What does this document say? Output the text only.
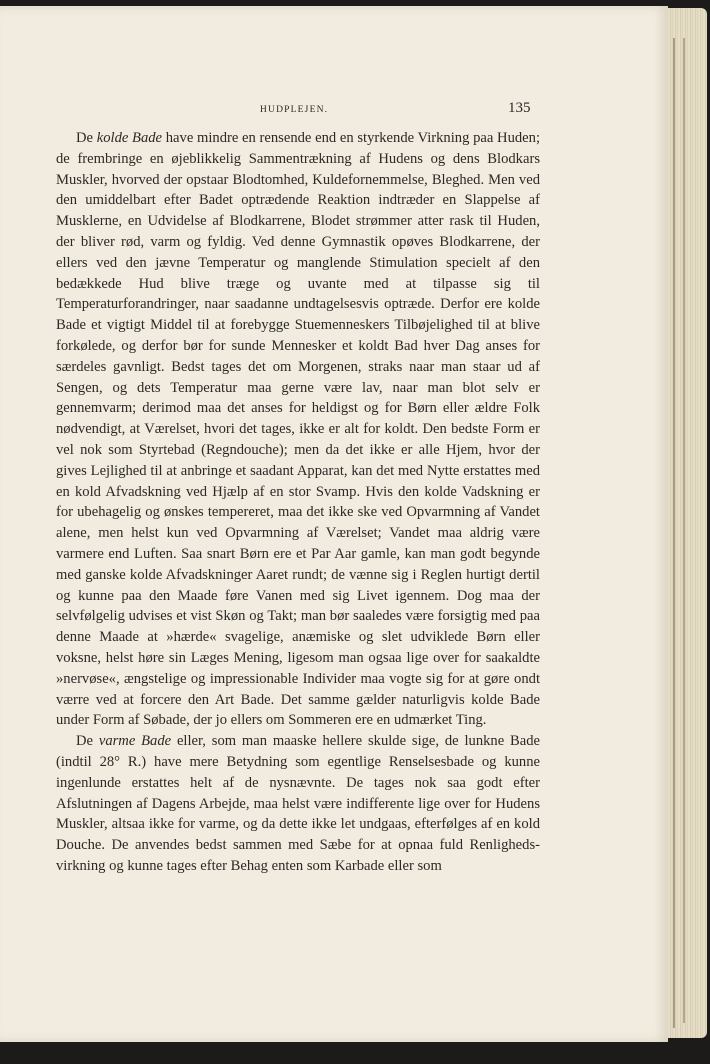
HUDPLEJEN.	135

De kolde Bade have mindre en rensende end en styrkende Virkning paa Huden; de frembringe en øjeblikkelig Sammentrækning af Hudens og dens Blodkars Muskler, hvorved der opstaar Blodtomhed, Kuldefornemmelse, Bleghed. Men ved den umiddelbart efter Badet optrædende Reaktion indtræder en Slappelse af Musklerne, en Udvidelse af Blodkarrene, Blodet strømmer atter rask til Huden, der bliver rød, varm og fyldig. Ved denne Gymnastik opøves Blodkarrene, der ellers ved den jævne Temperatur og manglende Stimulation specielt af den bedækkede Hud blive træge og uvante med at tilpasse sig til Temperaturforandringer, naar saadanne undtagelsesvis optræde. Derfor ere kolde Bade et vigtigt Middel til at forebygge Stuemenneskers Tilbøjelighed til at blive forkølede, og derfor bør for sunde Mennesker et koldt Bad hver Dag anses for særdeles gavnligt. Bedst tages det om Morgenen, straks naar man staar ud af Sengen, og dets Temperatur maa gerne være lav, naar man blot selv er gennemvarm; derimod maa det anses for heldigst og for Børn eller ældre Folk nødvendigt, at Værelset, hvori det tages, ikke er alt for koldt. Den bedste Form er vel nok som Styrtebad (Regndouche); men da det ikke er alle Hjem, hvor der gives Lejlighed til at anbringe et saadant Apparat, kan det med Nytte erstattes med en kold Afvadskning ved Hjælp af en stor Svamp. Hvis den kolde Vadskning er for ubehagelig og ønskes tempereret, maa det ikke ske ved Opvarmning af Vandet alene, men helst kun ved Opvarmning af Værelset; Vandet maa aldrig være varmere end Luften. Saa snart Børn ere et Par Aar gamle, kan man godt begynde med ganske kolde Afvadskninger Aaret rundt; de vænne sig i Reglen hurtigt dertil og kunne paa den Maade føre Vanen med sig Livet igennem. Dog maa der selvfølgelig udvises et vist Skøn og Takt; man bør saaledes være forsigtig med paa denne Maade at »hærde« svagelige, anæmiske og slet udviklede Børn eller voksne, helst høre sin Læges Mening, ligesom man ogsaa lige over for saakaldte »nervøse«, ængstelige og impressionable Individer maa vogte sig for at gøre ondt værre ved at forcere den Art Bade. Det samme gælder naturligvis kolde Bade under Form af Søbade, der jo ellers om Sommeren ere en udmærket Ting.

De varme Bade eller, som man maaske hellere skulde sige, de lunkne Bade (indtil 28° R.) have mere Betydning som egentlige Renselsesbade og kunne ingenlunde erstattes helt af de nysnævnte. De tages nok saa godt efter Afslutningen af Dagens Arbejde, maa helst være indifferente lige over for Hudens Muskler, altsaa ikke for varme, og da dette ikke let undgaas, efterfølges af en kold Douche. De anvendes bedst sammen med Sæbe for at opnaa fuld Renligheds-virkning og kunne tages efter Behag enten som Karbade eller som
